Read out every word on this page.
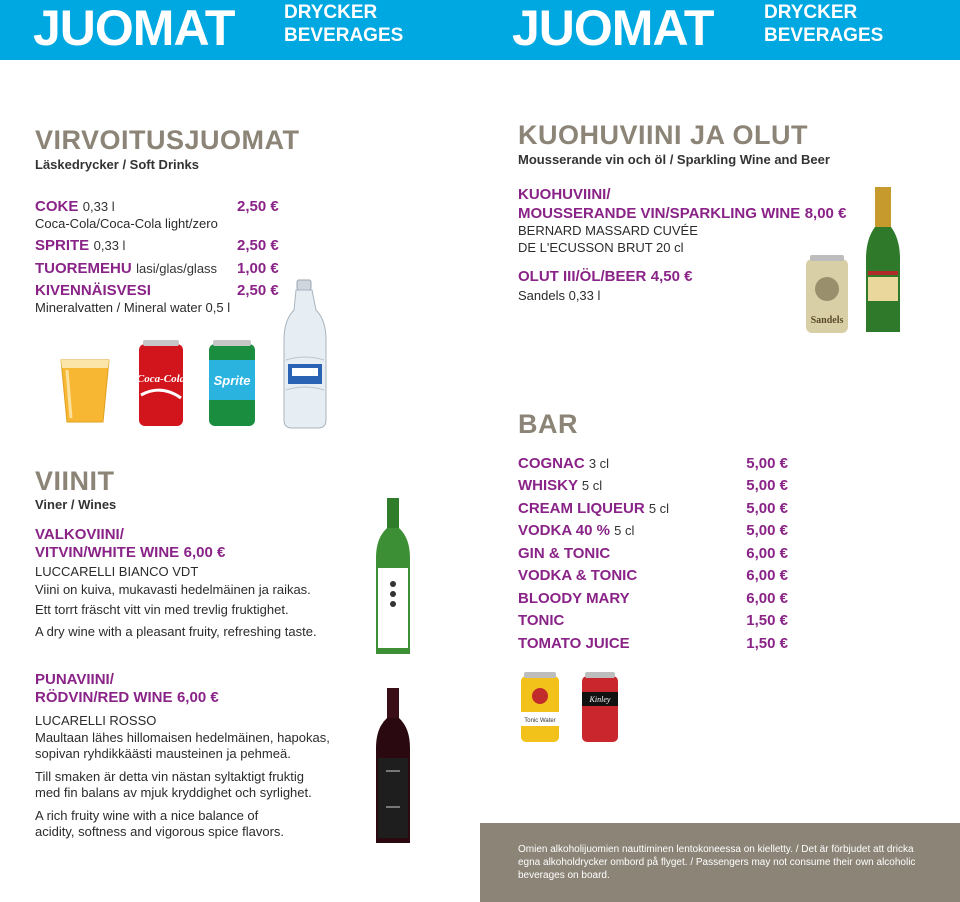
JUOMAT	DRYCKER
BEVERAGES JUOMAT	DRYCKER
BEVERAGES
VIRVOITUSJUOMAT
Läskedrycker / Soft Drinks
COKE 0,33 l	2,50 €
Coca-Cola/Coca-Cola light/zero
SPRITE 0,33 l	2,50 €
TUOREMEHU lasi/glas/glass 1,00 €
KIVENNÄISVESI	2,50 €
Mineralvatten / Mineral water 0,5 l
Coca-Cola Sprite
VIINIT
Viner / Wines
VALKOVIINI/
VITVIN/WHITE WINE 6,00 €
LUCCARELLI BIANCO VDT
Viini on kuiva, mukavasti hedelmäinen ja raikas.
Ett torrt fräscht vitt vin med trevlig fruktighet.
A dry wine with a pleasant fruity, refreshing taste.
PUNAVIINI/
RÖDVIN/RED WINE 6,00 €
LUCARELLI ROSSO
Maultaan lähes hillomaisen hedelmäinen, hapokas,
sopivan ryhdikkäästi mausteinen ja pehmeä.
Till smaken är detta vin nästan syltaktigt fruktig
med fin balans av mjuk kryddighet och syrlighet.
A rich fruity wine with a nice balance of
acidity, softness and vigorous spice flavors.
KUOHUVIINI JA OLUT
Mousserande vin och öl / Sparkling Wine and Beer
KUOHUVIINI/
MOUSSERANDE VIN/SPARKLING WINE 8,00 €
BERNARD MASSARD CUVÉE
DE L'ECUSSON BRUT 20 cl
OLUT III/ÖL/BEER 4,50 €
Sandels 0,33 l
Sandels
BAR
COGNAC 3 cl	5,00 €
WHISKY 5 cl	5,00 €
CREAM LIQUEUR 5 cl	5,00 €
VODKA 40 % 5 cl	5,00 €
GIN & TONIC	6,00 €
VODKA & TONIC	6,00 €
BLOODY MARY	6,00 €
TONIC	1,50 €
TOMATO JUICE	1,50 €
Tonic Water
Kinley
Omien alkoholijuomien nauttiminen lentokoneessa on kielletty. / Det är förbjudet att dricka egna alkoholdrycker ombord på flyget. / Passengers may not consume their own alcoholic beverages on board.
